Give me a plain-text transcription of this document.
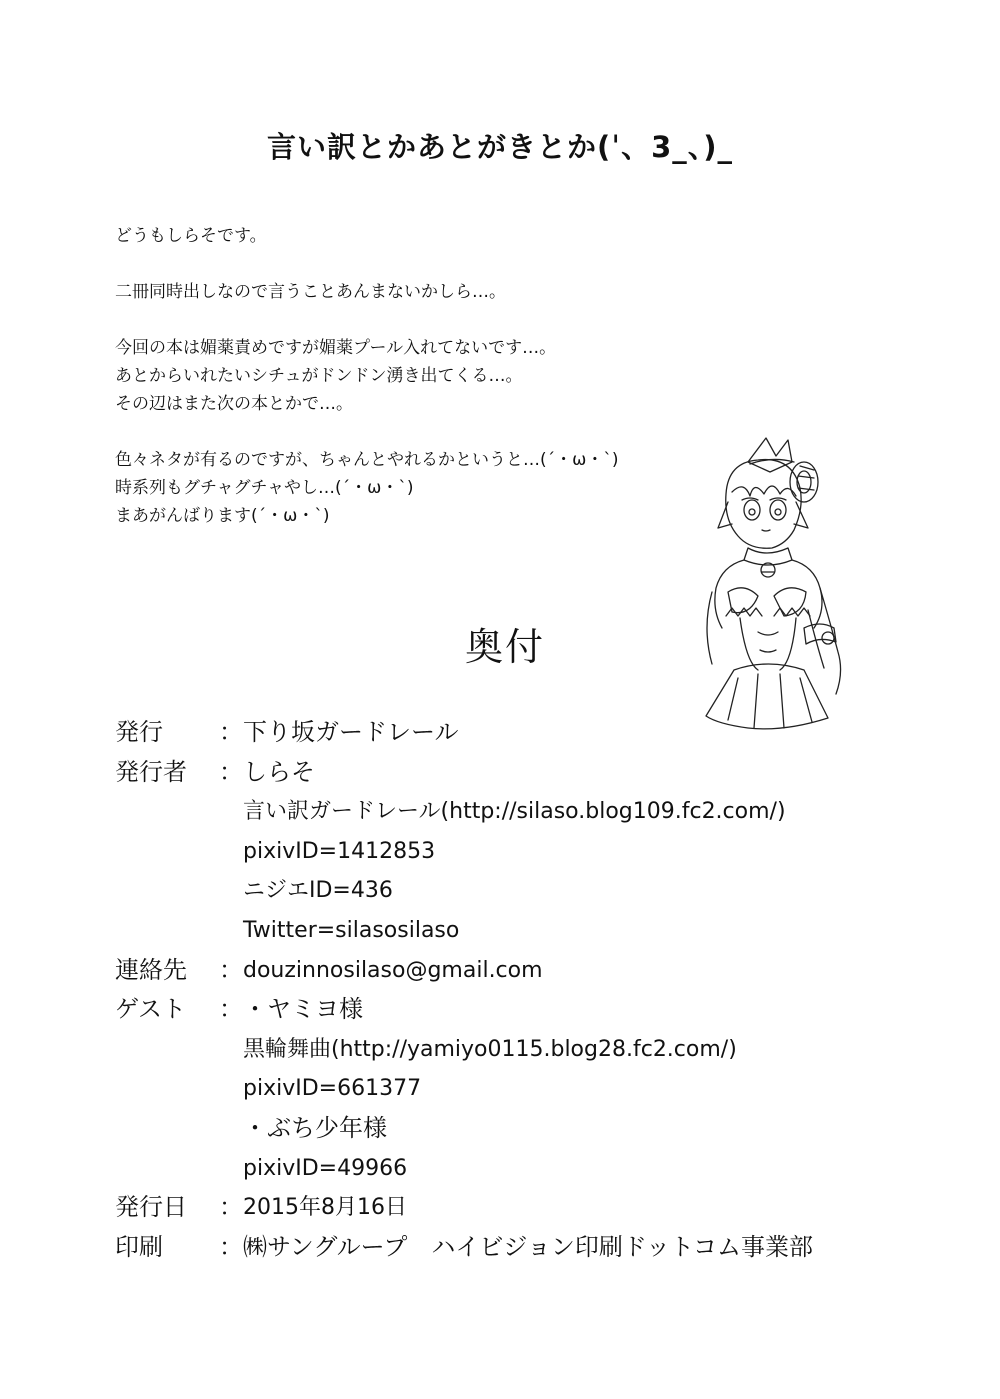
言い訳とかあとがきとか(ˈ、3_、)_

どうもしらそです。

二冊同時出しなので言うことあんまないかしら…。

今回の本は媚薬責めですが媚薬プール入れてないです…。

あとからいれたいシチュがドンドン湧き出てくる…。

その辺はまた次の本とかで…。

色々ネタが有るのですが、ちゃんとやれるかというと…(´・ω・`)

時系列もグチャグチャやし…(´・ω・`)

まあがんばります(´・ω・`)

奥付
発行 ： 下り坂ガードレール
発行者 ： しらそ
言い訳ガードレール(http://silaso.blog109.fc2.com/)
pixivID=1412853
ニジエID=436
Twitter=silasosilaso
連絡先 ： douzinnosilaso@gmail.com
ゲスト ： ・ヤミヨ様
黒輪舞曲(http://yamiyo0115.blog28.fc2.com/)
pixivID=661377
・ぶち少年様
pixivID=49966
発行日 ： 2015年8月16日
印刷 ： ㈱サングループ　ハイビジョン印刷ドットコム事業部
